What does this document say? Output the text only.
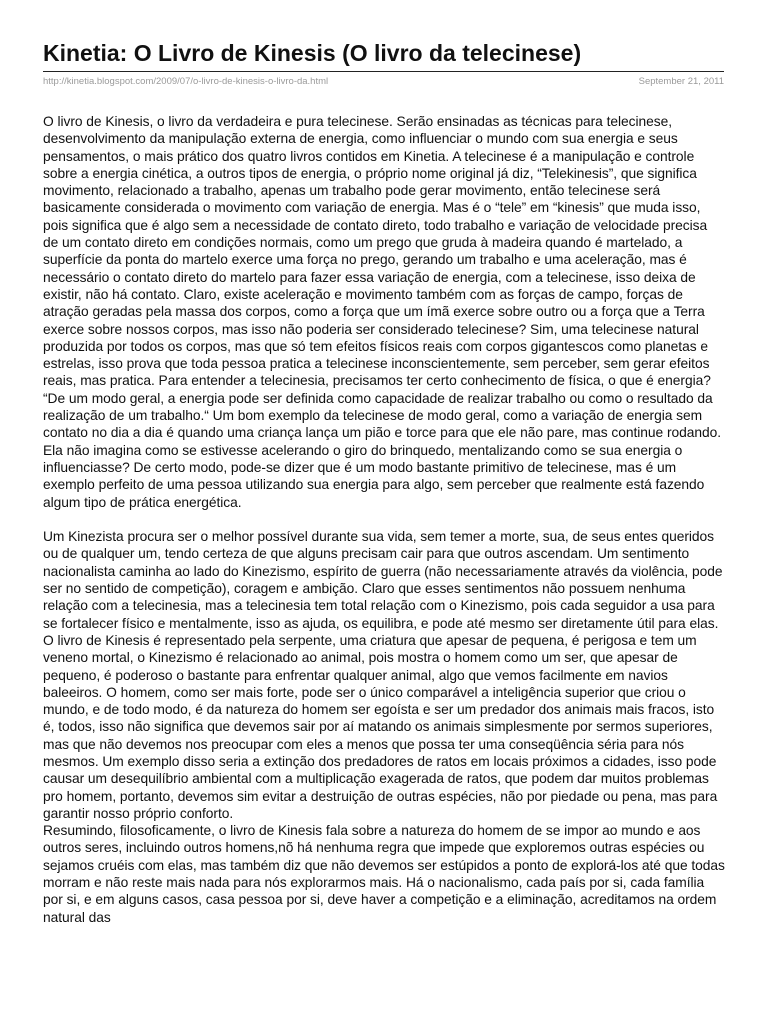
Kinetia: O Livro de Kinesis (O livro da telecinese)
http://kinetia.blogspot.com/2009/07/o-livro-de-kinesis-o-livro-da.html	September 21, 2011

O livro de Kinesis, o livro da verdadeira e pura telecinese. Serão ensinadas as técnicas para telecinese, desenvolvimento da manipulação externa de energia, como influenciar o mundo com sua energia e seus pensamentos, o mais prático dos quatro livros contidos em Kinetia. A telecinese é a manipulação e controle sobre a energia cinética, a outros tipos de energia, o próprio nome original já diz, “Telekinesis”, que significa movimento, relacionado a trabalho, apenas um trabalho pode gerar movimento, então telecinese será basicamente considerada o movimento com variação de energia. Mas é o “tele” em “kinesis” que muda isso, pois significa que é algo sem a necessidade de contato direto, todo trabalho e variação de velocidade precisa de um contato direto em condições normais, como um prego que gruda à madeira quando é martelado, a superfície da ponta do martelo exerce uma força no prego, gerando um trabalho e uma aceleração, mas é necessário o contato direto do martelo para fazer essa variação de energia, com a telecinese, isso deixa de existir, não há contato. Claro, existe aceleração e movimento também com as forças de campo, forças de atração geradas pela massa dos corpos, como a força que um ímã exerce sobre outro ou a força que a Terra exerce sobre nossos corpos, mas isso não poderia ser considerado telecinese? Sim, uma telecinese natural produzida por todos os corpos, mas que só tem efeitos físicos reais com corpos gigantescos como planetas e estrelas, isso prova que toda pessoa pratica a telecinese inconscientemente, sem perceber, sem gerar efeitos reais, mas pratica. Para entender a telecinesia, precisamos ter certo conhecimento de física, o que é energia? “De um modo geral, a energia pode ser definida como capacidade de realizar trabalho ou como o resultado da realização de um trabalho.“ Um bom exemplo da telecinese de modo geral, como a variação de energia sem contato no dia a dia é quando uma criança lança um pião e torce para que ele não pare, mas continue rodando. Ela não imagina como se estivesse acelerando o giro do brinquedo, mentalizando como se sua energia o influenciasse? De certo modo, pode-se dizer que é um modo bastante primitivo de telecinese, mas é um exemplo perfeito de uma pessoa utilizando sua energia para algo, sem perceber que realmente está fazendo algum tipo de prática energética.

Um Kinezista procura ser o melhor possível durante sua vida, sem temer a morte, sua, de seus entes queridos ou de qualquer um, tendo certeza de que alguns precisam cair para que outros ascendam. Um sentimento nacionalista caminha ao lado do Kinezismo, espírito de guerra (não necessariamente através da violência, pode ser no sentido de competição), coragem e ambição. Claro que esses sentimentos não possuem nenhuma relação com a telecinesia, mas a telecinesia tem total relação com o Kinezismo, pois cada seguidor a usa para se fortalecer físico e mentalmente, isso as ajuda, os equilibra, e pode até mesmo ser diretamente útil para elas. O livro de Kinesis é representado pela serpente, uma criatura que apesar de pequena, é perigosa e tem um veneno mortal, o Kinezismo é relacionado ao animal, pois mostra o homem como um ser, que apesar de pequeno, é poderoso o bastante para enfrentar qualquer animal, algo que vemos facilmente em navios baleeiros. O homem, como ser mais forte, pode ser o único comparável a inteligência superior que criou o mundo, e de todo modo, é da natureza do homem ser egoísta e ser um predador dos animais mais fracos, isto é, todos, isso não significa que devemos sair por aí matando os animais simplesmente por sermos superiores, mas que não devemos nos preocupar com eles a menos que possa ter uma conseqüência séria para nós mesmos. Um exemplo disso seria a extinção dos predadores de ratos em locais próximos a cidades, isso pode causar um desequilíbrio ambiental com a multiplicação exagerada de ratos, que podem dar muitos problemas pro homem, portanto, devemos sim evitar a destruição de outras espécies, não por piedade ou pena, mas para garantir nosso próprio conforto.

Resumindo, filosoficamente, o livro de Kinesis fala sobre a natureza do homem de se impor ao mundo e aos outros seres, incluindo outros homens,nõ há nenhuma regra que impede que exploremos outras espécies ou sejamos cruéis com elas, mas também diz que não devemos ser estúpidos a ponto de explorá-los até que todas morram e não reste mais nada para nós explorarmos mais. Há o nacionalismo, cada país por si, cada família por si, e em alguns casos, casa pessoa por si, deve haver a competição e a eliminação, acreditamos na ordem natural das
